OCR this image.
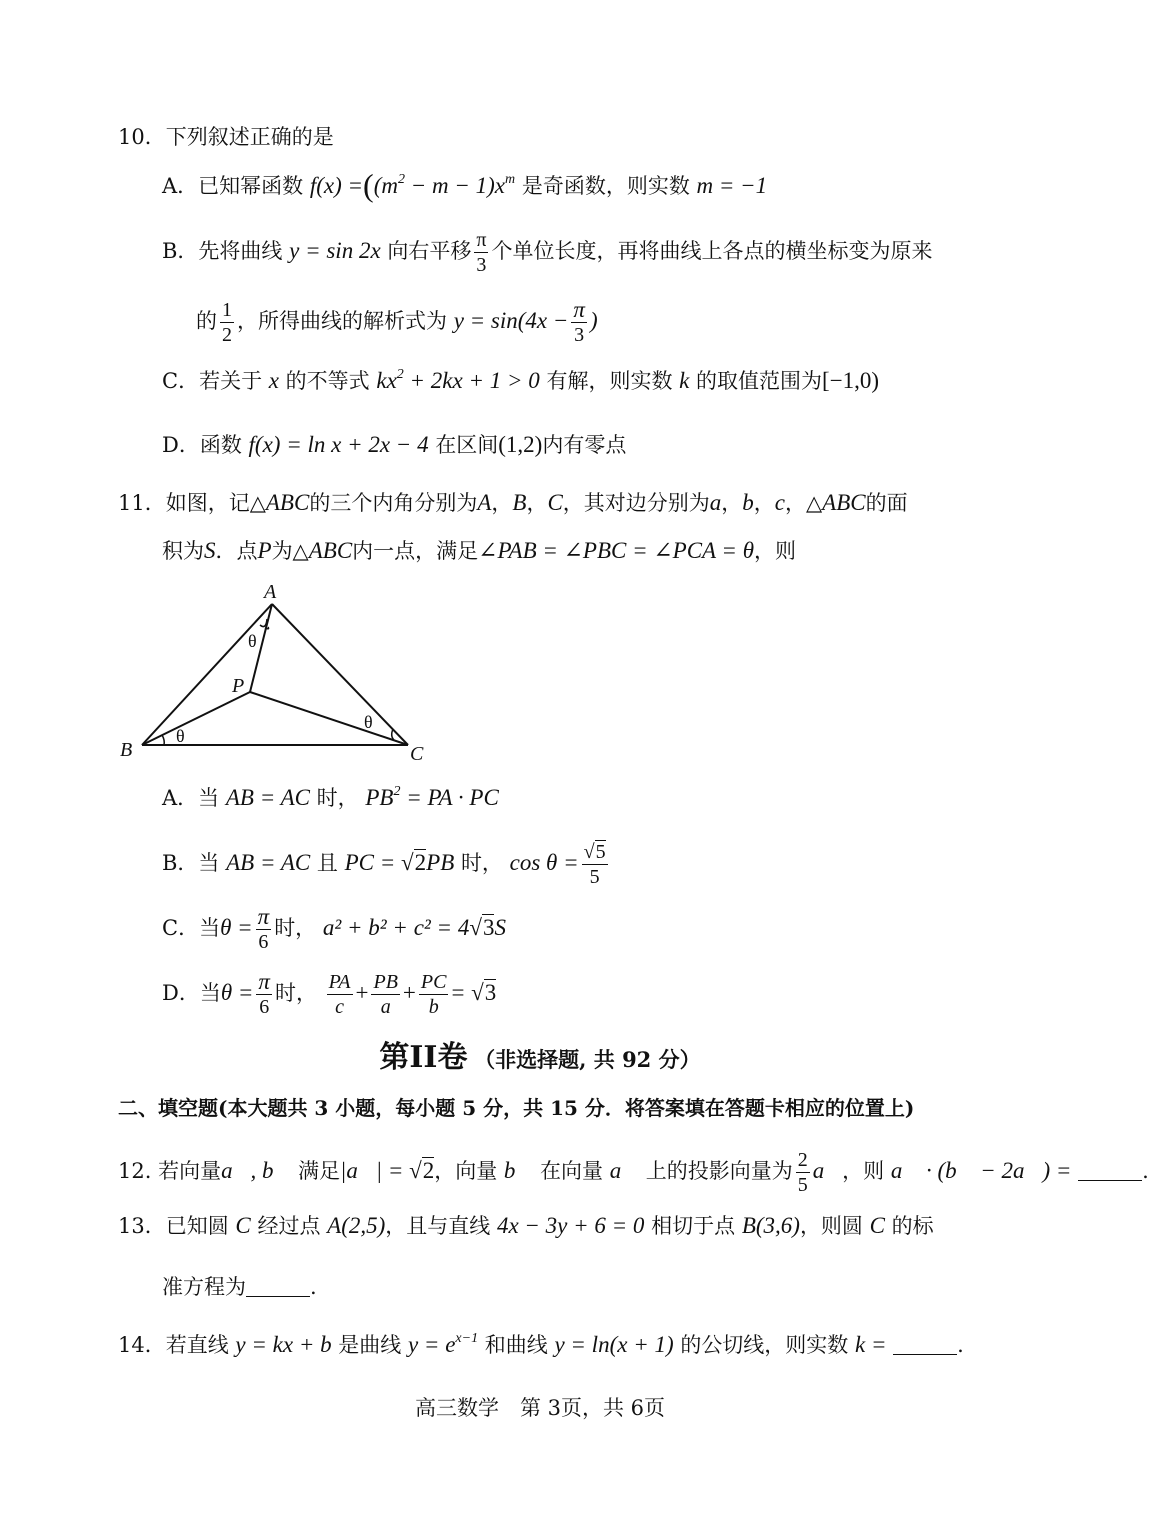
10．下列叙述正确的是
A．已知幂函数 $f(x) =((m^2 - m - 1)x^m$ 是奇函数，则实数 m = −1
B．先将曲线 y = sin 2x 向右平移 $\frac{\pi}{3}$ 个单位长度，再将曲线上各点的横坐标变为原来
的 $\frac{1}{2}$ ，所得曲线的解析式为 $y = \sin(4x - \frac{\pi}{3}$ )
C．若关于 x 的不等式 $kx^2 + 2kx + 1 > 0$ 有解，则实数 k 的取值范围为[−1,0)
D．函数 f(x) = ln x + 2x − 4 在区间(1,2)内有零点
11．如图，记△ABC的三个内角分别为A，B，C，其对边分别为a，b，c，△ABC的面
积为S．点P为△ABC内一点，满足∠PAB = ∠PBC = ∠PCA = θ，则
A
B	C
P
θ
θ
θ
A．当 AB = AC 时， $PB^2$ = PA · PC
B．当 AB = AC 且 PC = √2PB 时， $\cos \theta = \frac{√5}{5}$
C．当$\theta = \frac{\pi}{6}$ 时， a² + b² + c² = 4√3S
D．当$\theta = \frac{\pi}{6}$ 时， $\frac{PA}{c} + \frac{PB}{a} + \frac{PC}{b} = √3$
第II卷 （非选择题, 共 92 分）
二、填空题(本大题共 3 小题，每小题 5 分，共 15 分．将答案填在答题卡相应的位置上)
12. 若向量a⃗, b⃗ 满足|a⃗| = √2，向量 b⃗ 在向量 a⃗ 上的投影向量为 $\frac{2}{5}$ a⃗，则 a⃗ · (b⃗ − 2a⃗) =	.
13．已知圆 C 经过点 A(2,5)，且与直线 4x − 3y + 6 = 0 相切于点 B(3,6)，则圆 C 的标
准方程为	.
14．若直线 y = kx + b 是曲线 $y = e^{x-1}$ 和曲线 y = ln(x + 1) 的公切线，则实数 k =	.
高三数学　第 3页，共 6页
